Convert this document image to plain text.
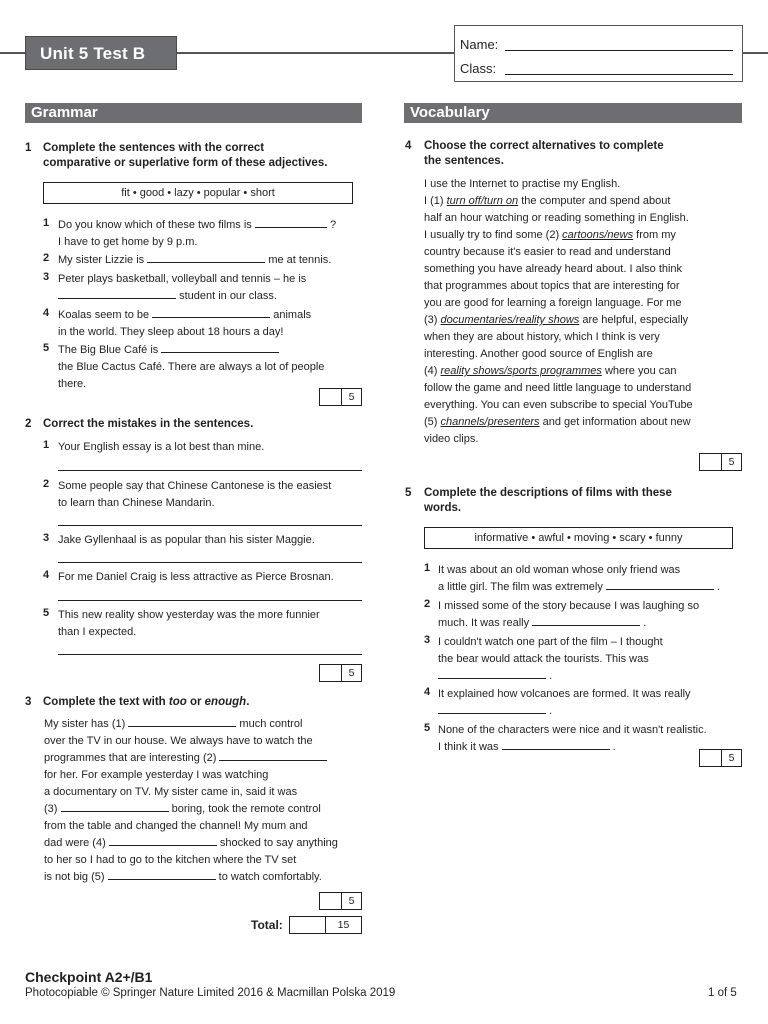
Unit 5 Test B	Name:
Class:
Grammar	Vocabulary
1 Complete the sentences with the correct
comparative or superlative form of these adjectives.
fit • good • lazy • popular • short
1 Do you know which of these two films is	?
I have to get home by 9 p.m.
2 My sister Lizzie is	me at tennis.
3 Peter plays basketball, volleyball and tennis – he is
student in our class.
4 Koalas seem to be	animals
in the world. They sleep about 18 hours a day!
5 The Big Blue Café is
the Blue Cactus Café. There are always a lot of people
there.
5
2 Correct the mistakes in the sentences.
1 Your English essay is a lot best than mine.
2 Some people say that Chinese Cantonese is the easiest
to learn than Chinese Mandarin.
3 Jake Gyllenhaal is as popular than his sister Maggie.
4 For me Daniel Craig is less attractive as Pierce Brosnan.
5 This new reality show yesterday was the more funnier
than I expected.
5
3 Complete the text with too or enough.
My sister has (1)	much control
over the TV in our house. We always have to watch the
programmes that are interesting (2)
for her. For example yesterday I was watching
a documentary on TV. My sister came in, said it was
(3)	boring, took the remote control
from the table and changed the channel! My mum and
dad were (4)	shocked to say anything
to her so I had to go to the kitchen where the TV set
is not big (5)	to watch comfortably.
5
Total:	15
4 Choose the correct alternatives to complete
the sentences.
I use the Internet to practise my English.
I (1) turn off/turn on the computer and spend about
half an hour watching or reading something in English.
I usually try to find some (2) cartoons/news from my
country because it's easier to read and understand
something you have already heard about. I also think
that programmes about topics that are interesting for
you are good for learning a foreign language. For me
(3) documentaries/reality shows are helpful, especially
when they are about history, which I think is very
interesting. Another good source of English are
(4) reality shows/sports programmes where you can
follow the game and need little language to understand
everything. You can even subscribe to special YouTube
(5) channels/presenters and get information about new
video clips.
5
5 Complete the descriptions of films with these
words.
informative • awful • moving • scary • funny
1 It was about an old woman whose only friend was
a little girl. The film was extremely	.
2 I missed some of the story because I was laughing so
much. It was really	.
3 I couldn't watch one part of the film – I thought
the bear would attack the tourists. This was
.
4 It explained how volcanoes are formed. It was really
.
5 None of the characters were nice and it wasn't realistic.
I think it was	.
5
Checkpoint A2+/B1
Photocopiable © Springer Nature Limited 2016 & Macmillan Polska 2019	1 of 5
